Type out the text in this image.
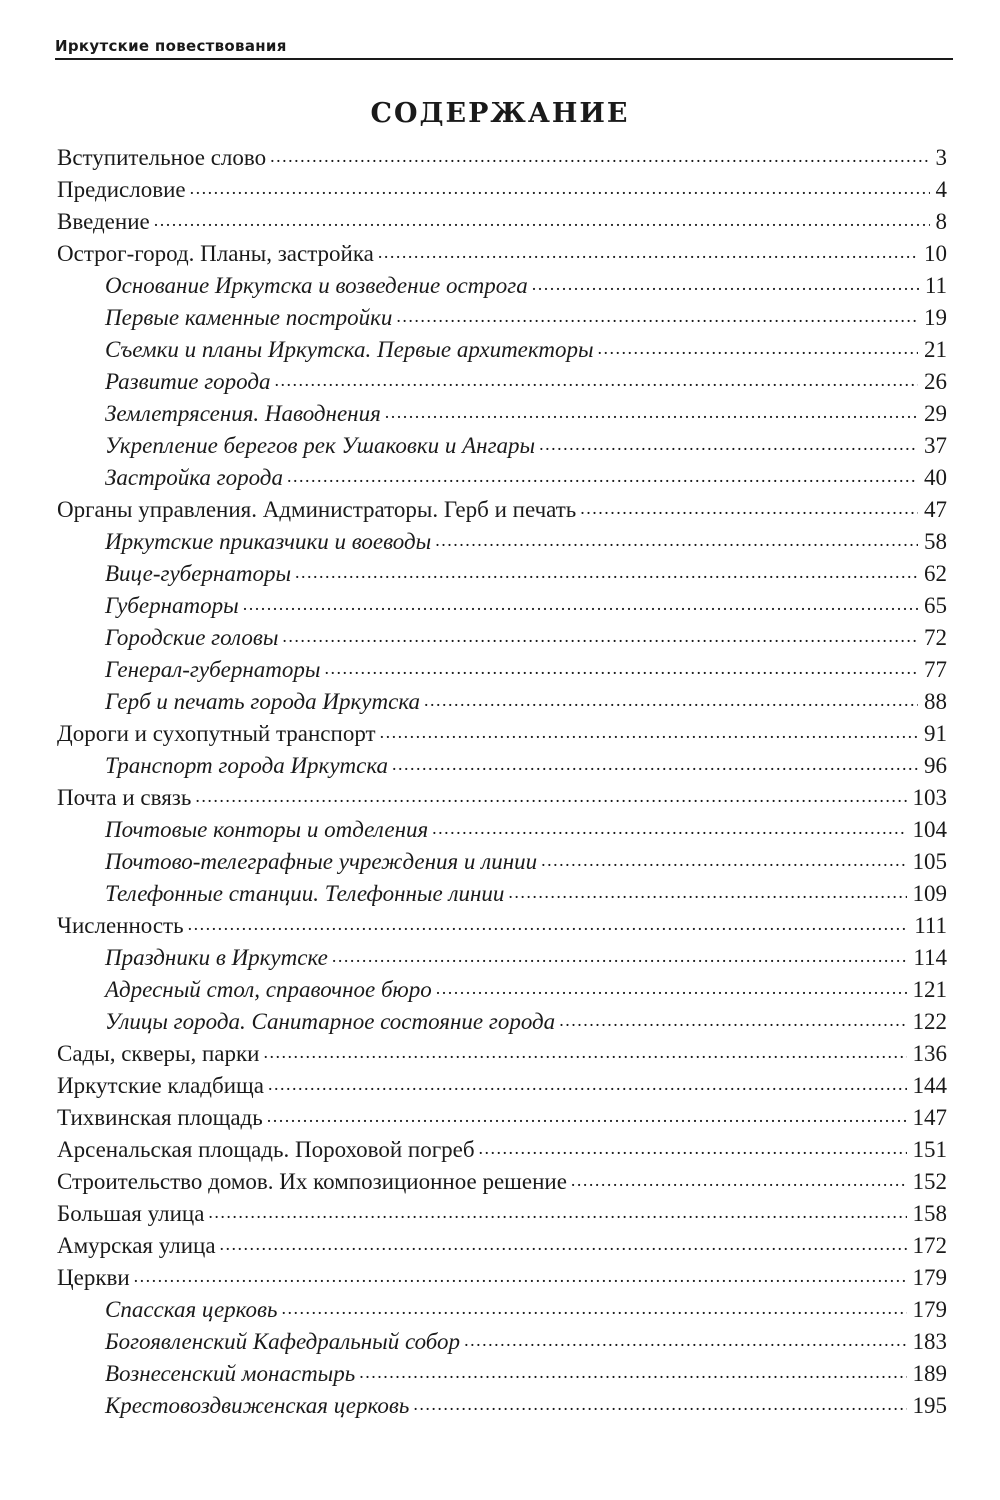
Иркутские повествования
СОДЕРЖАНИЕ
Вступительное слово .....	3
Предисловие .....	4
Введение .....	8
Острог-город. Планы, застройка .....	10
Основание Иркутска и возведение острога .....	11
Первые каменные постройки .....	19
Съемки и планы Иркутска. Первые архитекторы .....	21
Развитие города .....	26
Землетрясения. Наводнения .....	29
Укрепление берегов рек Ушаковки и Ангары .....	37
Застройка города .....	40
Органы управления. Администраторы. Герб и печать .....	47
Иркутские приказчики и воеводы .....	58
Вице-губернаторы .....	62
Губернаторы .....	65
Городские головы .....	72
Генерал-губернаторы .....	77
Герб и печать города Иркутска .....	88
Дороги и сухопутный транспорт .....	91
Транспорт города Иркутска .....	96
Почта и связь .....	103
Почтовые конторы и отделения .....	104
Почтово-телеграфные учреждения и линии .....	105
Телефонные станции. Телефонные линии .....	109
Численность .....	111
Праздники в Иркутске .....	114
Адресный стол, справочное бюро .....	121
Улицы города. Санитарное состояние города .....	122
Сады, скверы, парки .....	136
Иркутские кладбища .....	144
Тихвинская площадь .....	147
Арсенальская площадь. Пороховой погреб .....	151
Строительство домов. Их композиционное решение .....	152
Большая улица .....	158
Амурская улица .....	172
Церкви .....	179
Спасская церковь .....	179
Богоявленский Кафедральный собор .....	183
Вознесенский монастырь .....	189
Крестовоздвиженская церковь .....	195
